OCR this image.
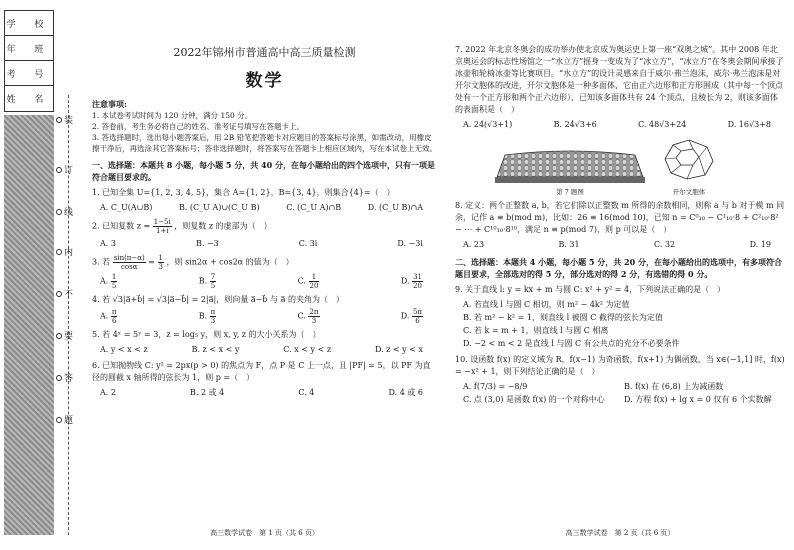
学 校
年 班
考 号
姓 名
装
订
线
内
不
要
答
题
2022年锦州市普通高中高三质量检测
数学
注意事项:
1. 本试卷考试时间为 120 分钟，满分 150 分。
2. 答卷前，考生务必将自己的姓名、准考证号填写在答题卡上。
3. 答选择题时，选出每小题答案后，用 2B 铅笔把答题卡对应题目的答案标号涂黑，如需改动，用橡皮擦干净后，再选涂其它答案标号；答非选择题时，将答案写在答题卡上相应区域内，写在本试卷上无效。
一、选择题：本题共 8 小题，每小题 5 分，共 40 分，在每小题给出的四个选项中，只有一项是符合题目要求的。
1. 已知全集 U={1, 2, 3, 4, 5}，集合 A={1, 2}，B={3, 4}，则集合{4}=（　）
A. C_U(A∪B)	B. (C_U A)∪(C_U B)	C. (C_U A)∩B	D. (C_U B)∩A
2. 已知复数 $z = \frac{1-5i}{1+i}$ ，则复数 z 的虚部为（　）
A. 3	B. −3	C. 3i	D. −3i
3. 若 $\frac{\sin(\pi-\alpha)}{\cos\alpha} = \frac{1}{3}$ ，则 sin2α + cos2α 的值为（　）
A. $\frac{1}{5}$	B. $\frac{7}{5}$	C. $\frac{1}{20}$	D. $\frac{31}{20}$
4. 若 √3|a⃗+b⃗| = √3|a⃗−b⃗| = 2|a⃗|，则向量 a⃗−b⃗ 与 a⃗ 的夹角为（　）
A. $\frac{\pi}{6}$	B. $\frac{\pi}{3}$	C. $\frac{2\pi}{3}$	D. $\frac{5\pi}{6}$
5. 若 4ˣ = 5ʸ = 3，z = log₅ y，则 x, y, z 的大小关系为（　）
A. y < x < z	B. z < x < y	C. x < y < z	D. z < y < x
6. 已知抛物线 C: y² = 2px(p > 0) 的焦点为 F，点 P 是 C 上一点，且 |PF| = 5，以 PF 为直径的圆截 x 轴所得的弦长为 1，则 p =（　）
A. 2	B. 2 或 4	C. 4	D. 4 或 6
高三数学试卷　第 1 页（共 6 页）
7. 2022 年北京冬奥会的成功举办使北京成为奥运史上第一座“双奥之城”。其中 2008 年北京奥运会的标志性场馆之一“水立方”摇身一变成为了“冰立方”，“冰立方”在冬奥会期间承接了冰壶和轮椅冰壶等比赛项目。“水立方”的设计灵感来自于威尔·弗兰泡沫，威尔·弗兰泡沫是对开尔文胞体的改进，开尔文胞体是一种多面体，它由正六边形和正方形围成（其中每一个顶点处有一个正方形和两个正六边形），已知该多面体共有 24 个顶点，且棱长为 2，则该多面体的表面积是（　）
A. 24(√3+1)	B. 24√3+6	C. 48√3+24	D. 16√3+8
第 7 题图	开尔文胞体
8. 定义：两个正整数 a, b，若它们除以正整数 m 所得的余数相同，则称 a 与 b 对于模 m 同余，记作 a ≡ b(mod m)，比如：26 ≡ 16(mod 10)，已知 n = C⁰₁₀ − C¹₁₀·8 + C²₁₀·8² − ⋯ + C¹⁰₁₀·8¹⁰，满足 n ≡ p(mod 7)，则 p 可以是（　）
A. 23	B. 31	C. 32	D. 19
二、选择题：本题共 4 小题，每小题 5 分，共 20 分，在每小题给出的选项中，有多项符合题目要求，全部选对的得 5 分，部分选对的得 2 分，有选错的得 0 分。
9. 关于直线 l: y = kx + m 与圆 C: x² + y² = 4，下列说法正确的是（　）
A. 若直线 l 与圆 C 相切，则 m² − 4k² 为定值
B. 若 m² − k² = 1，则直线 l 被圆 C 截得的弦长为定值
C. 若 k = m + 1，则直线 l 与圆 C 相离
D. −2 < m < 2 是直线 l 与圆 C 有公共点的充分不必要条件
10. 设函数 f(x) 的定义域为 R，f(x−1) 为奇函数，f(x+1) 为偶函数，当 x∈(−1,1] 时，f(x) = −x² + 1，则下列结论正确的是（　）
A. f(7/3) = −8/9	B. f(x) 在 (6,8) 上为减函数
C. 点 (3,0) 是函数 f(x) 的一个对称中心	D. 方程 f(x) + lg x = 0 仅有 6 个实数解
高三数学试卷　第 2 页（共 6 页）
